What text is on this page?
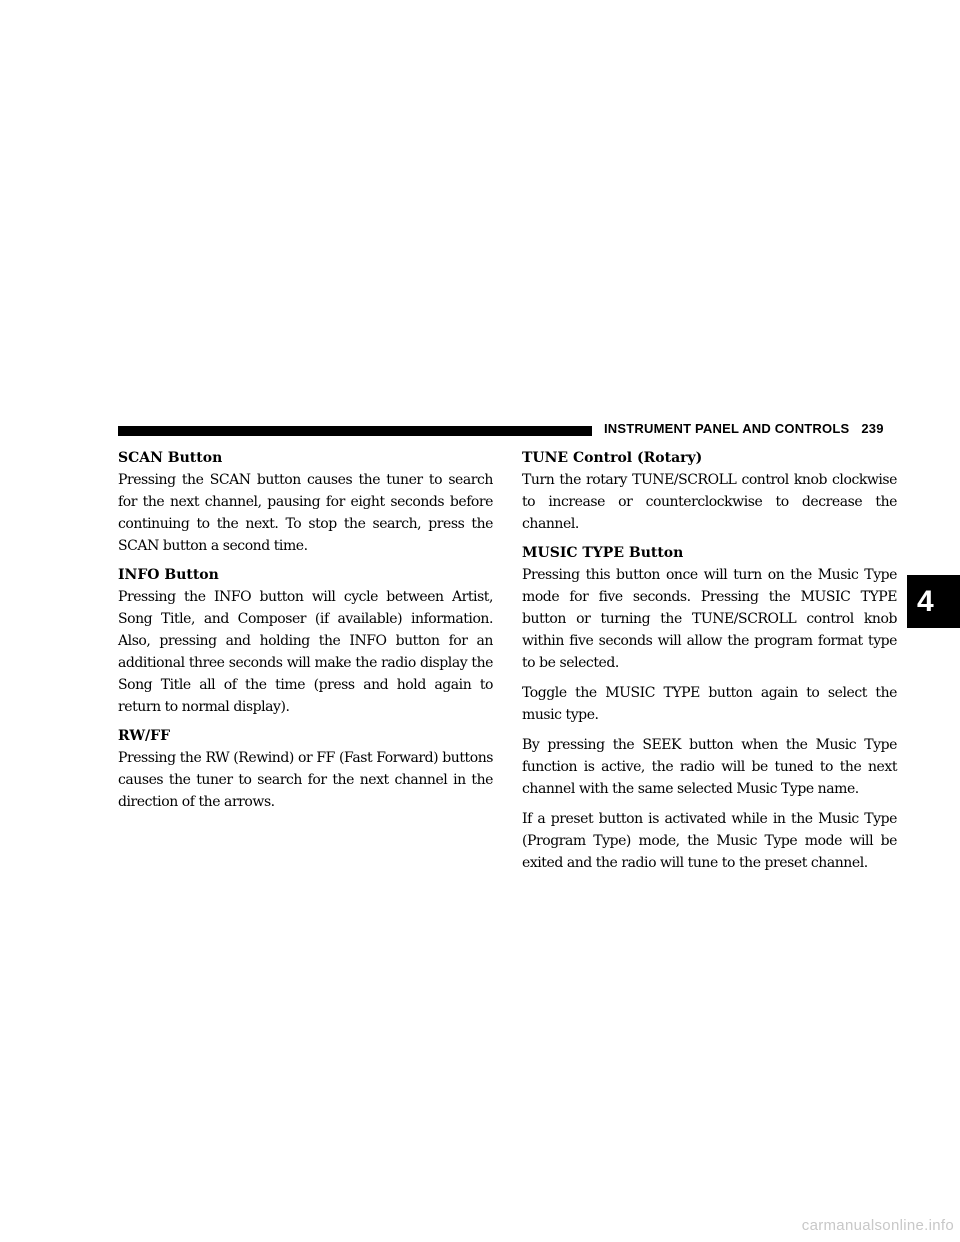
INSTRUMENT PANEL AND CONTROLS 239
4
SCAN Button

Pressing the SCAN button causes the tuner to search for the next channel, pausing for eight seconds before continuing to the next. To stop the search, press the SCAN button a second time.

INFO Button

Pressing the INFO button will cycle between Artist, Song Title, and Composer (if available) information. Also, pressing and holding the INFO button for an additional three seconds will make the radio display the Song Title all of the time (press and hold again to return to normal display).

RW/FF

Pressing the RW (Rewind) or FF (Fast Forward) buttons causes the tuner to search for the next channel in the direction of the arrows.

TUNE Control (Rotary)

Turn the rotary TUNE/SCROLL control knob clockwise to increase or counterclockwise to decrease the channel.

MUSIC TYPE Button

Pressing this button once will turn on the Music Type mode for five seconds. Pressing the MUSIC TYPE button or turning the TUNE/SCROLL control knob within five seconds will allow the program format type to be selected.

Toggle the MUSIC TYPE button again to select the music type.

By pressing the SEEK button when the Music Type function is active, the radio will be tuned to the next channel with the same selected Music Type name.

If a preset button is activated while in the Music Type (Program Type) mode, the Music Type mode will be exited and the radio will tune to the preset channel.

carmanualsonline.info
